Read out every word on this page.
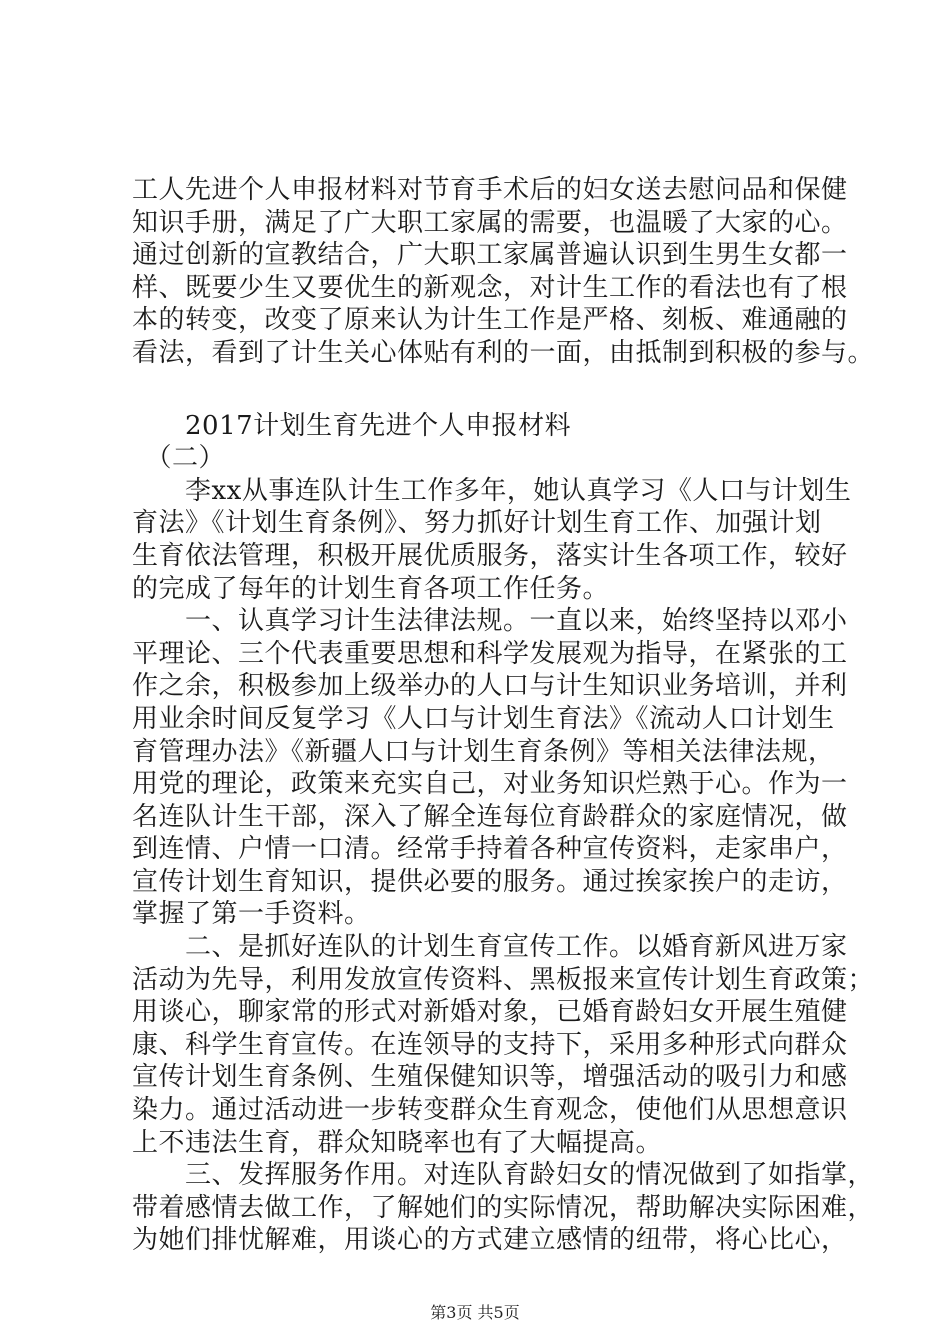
工人先进个人申报材料对节育手术后的妇女送去慰问品和保健
知识手册，满足了广大职工家属的需要，也温暖了大家的心。
通过创新的宣教结合，广大职工家属普遍认识到生男生女都一
样、既要少生又要优生的新观念，对计生工作的看法也有了根
本的转变，改变了原来认为计生工作是严格、刻板、难通融的
看法，看到了计生关心体贴有利的一面，由抵制到积极的参与。
　　2017计划生育先进个人申报材料
　（二）
　　李xx从事连队计生工作多年，她认真学习《人口与计划生
育法》《计划生育条例》、努力抓好计划生育工作、加强计划
生育依法管理，积极开展优质服务，落实计生各项工作，较好
的完成了每年的计划生育各项工作任务。
　　一、认真学习计生法律法规。一直以来，始终坚持以邓小
平理论、三个代表重要思想和科学发展观为指导，在紧张的工
作之余，积极参加上级举办的人口与计生知识业务培训，并利
用业余时间反复学习《人口与计划生育法》《流动人口计划生
育管理办法》《新疆人口与计划生育条例》等相关法律法规，
用党的理论，政策来充实自己，对业务知识烂熟于心。作为一
名连队计生干部，深入了解全连每位育龄群众的家庭情况，做
到连情、户情一口清。经常手持着各种宣传资料，走家串户，
宣传计划生育知识，提供必要的服务。通过挨家挨户的走访，
掌握了第一手资料。
　　二、是抓好连队的计划生育宣传工作。以婚育新风进万家
活动为先导，利用发放宣传资料、黑板报来宣传计划生育政策；
用谈心，聊家常的形式对新婚对象，已婚育龄妇女开展生殖健
康、科学生育宣传。在连领导的支持下，采用多种形式向群众
宣传计划生育条例、生殖保健知识等，增强活动的吸引力和感
染力。通过活动进一步转变群众生育观念，使他们从思想意识
上不违法生育，群众知晓率也有了大幅提高。
　　三、发挥服务作用。对连队育龄妇女的情况做到了如指掌，
带着感情去做工作，了解她们的实际情况，帮助解决实际困难，
为她们排忧解难，用谈心的方式建立感情的纽带，将心比心，
第3页 共5页
